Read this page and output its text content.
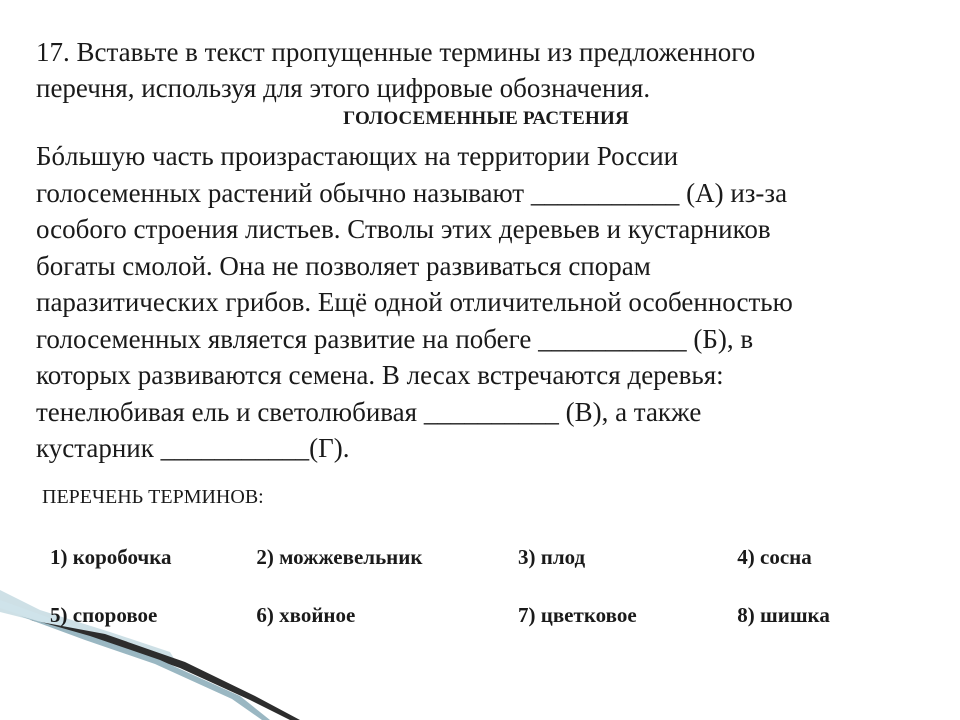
17. Вставьте в текст пропущенные термины из предложенного
перечня, используя для этого цифровые обозначения.
ГОЛОСЕМЕННЫЕ РАСТЕНИЯ

Бóльшую часть произрастающих на территории России
голосеменных растений обычно называют ___________ (А) из-за
особого строения листьев. Стволы этих деревьев и кустарников
богаты смолой. Она не позволяет развиваться спорам
паразитических грибов. Ещё одной отличительной особенностью
голосеменных является развитие на побеге ___________ (Б), в
которых развиваются семена. В лесах встречаются деревья:
тенелюбивая ель и светолюбивая __________ (В), а также
кустарник ___________(Г).

ПЕРЕЧЕНЬ ТЕРМИНОВ:

1) коробочка	2) можжевельник	3) плод	4) сосна
5) споровое	6) хвойное	7) цветковое	8) шишка
